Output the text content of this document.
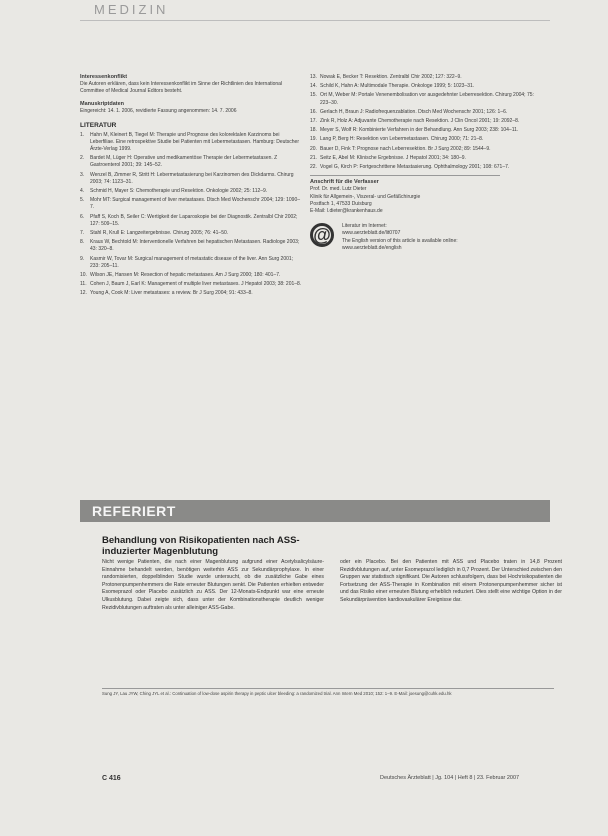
MEDIZIN
Interessenkonflikt
Die Autoren erklären, dass kein Interessenkonflikt im Sinne der Richtlinien des International Committee of Medical Journal Editors besteht.
Manuskriptdaten
Eingereicht: 14. 1. 2006, revidierte Fassung angenommen: 14. 7. 2006
LITERATUR
1.	Hahn M, Kleinert B, Tiegel M: Therapie und Prognose des kolorektalen Karzinoms bei Leberfiliae. Eine retrospektive Studie bei Patienten mit Lebermetastasen. Hamburg: Deutscher Ärzte-Verlag 1999.
2.	Bardet M, Lüger H: Operative und medikamentöse Therapie der Lebermetastasen. Z Gastroenterol 2001; 39: 145–52.
3.	Wenzel B, Zimmer R, Stritt H: Lebermetastasierung bei Karzinomen des Dickdarms. Chirurg 2003; 74: 1123–31.
4.	Schmid H, Mayer S: Chemotherapie und Resektion. Onkologie 2002; 25: 112–9.
5.	Mohr MT: Surgical management of liver metastases. Dtsch Med Wochenschr 2004; 129: 1090–7.
6.	Pfaff S, Koch B, Seiler C: Wertigkeit der Laparoskopie bei der Diagnostik. Zentralbl Chir 2002; 127: 509–15.
7.	Stahl R, Krull E: Langzeitergebnisse. Chirurg 2005; 76: 41–50.
8.	Kraus W, Bechtold M: Interventionelle Verfahren bei hepatischen Metastasen. Radiologe 2003; 43: 320–8.
9.	Kasmir W, Tovar M: Surgical management of metastatic disease of the liver. Ann Surg 2001; 233: 205–11.
10. Wilson JE, Hansen M: Resection of hepatic metastases. Am J Surg 2000; 180: 401–7.
11. Cohen J, Baum J, Earl K: Management of multiple liver metastases. J Hepatol 2003; 38: 201–8.
12. Young A, Cook M: Liver metastases: a review. Br J Surg 2004; 91: 433–8.
13. Nowak E, Becker T: Resektion. Zentralbl Chir 2002; 127: 322–9.
14. Schild K, Hahn A: Multimodale Therapie. Onkologe 1999; 5: 1023–31.
15. Ort M, Weber M: Portale Venenembolisation vor ausgedehnter Leberresektion. Chirurg 2004; 75: 223–30.
16. Gerlach H, Braun J: Radiofrequenzablation. Dtsch Med Wochenschr 2001; 126: 1–6.
17. Zink R, Holz A: Adjuvante Chemotherapie nach Resektion. J Clin Oncol 2001; 19: 2092–8.
18. Meyer S, Wolf R: Kombinierte Verfahren in der Behandlung. Ann Surg 2003; 238: 104–11.
19. Lang P, Berg H: Resektion von Lebermetastasen. Chirurg 2000; 71: 21–8.
20. Bauer D, Fink T: Prognose nach Leberresektion. Br J Surg 2002; 89: 1544–9.
21. Seitz E, Abel M: Klinische Ergebnisse. J Hepatol 2001; 34: 180–9.
22. Vogel G, Kirch P: Fortgeschrittene Metastasierung. Ophthalmology 2001; 108: 671–7.
Anschrift für die Verfasser
Prof. Dr. med. Lutz Dieter
Klinik für Allgemein-, Viszeral- und Gefäßchirurgie
Postfach 1, 47533 Duisburg
E-Mail: l.dieter@krankenhaus.de
@	Literatur im Internet:
www.aerzteblatt.de/lit0707
The English version of this article is available online:
www.aerzteblatt.de/english
REFERIERT
Behandlung von Risikopatienten nach ASS-induzierter Magenblutung
Nicht wenige Patienten, die nach einer Magenblutung aufgrund einer Acetylsalicylsäure-Einnahme behandelt werden, benötigen weiterhin ASS zur Sekundärprophylaxe. In einer randomisierten, doppelblinden Studie wurde untersucht, ob die zusätzliche Gabe eines Protonenpumpenhemmers die Rate erneuter Blutungen senkt. Die Patienten erhielten entweder Esomeprazol oder Placebo zusätzlich zu ASS. Der 12-Monats-Endpunkt war eine erneute Ulkusblutung. Dabei zeigte sich, dass unter der Kombinationstherapie deutlich weniger Rezidivblutungen auftraten als unter alleiniger ASS-Gabe.
oder ein Placebo. Bei den Patienten mit ASS und Placebo traten in 14,8 Prozent Rezidivblutungen auf, unter Esomeprazol lediglich in 0,7 Prozent. Der Unterschied zwischen den Gruppen war statistisch signifikant. Die Autoren schlussfolgern, dass bei Hochrisikopatienten die Fortsetzung der ASS-Therapie in Kombination mit einem Protonenpumpenhemmer sicher ist und das Risiko einer erneuten Blutung erheblich reduziert. Dies stellt eine wichtige Option in der Sekundärprävention kardiovaskulärer Ereignisse dar.
Sung JY, Lau JYW, Ching JYL et al.: Continuation of low-dose aspirin therapy in peptic ulcer bleeding: a randomized trial. Ann Intern Med 2010; 152: 1–9. E-Mail: joesung@cuhk.edu.hk
C 416	Deutsches Ärzteblatt | Jg. 104 | Heft 8 | 23. Februar 2007
